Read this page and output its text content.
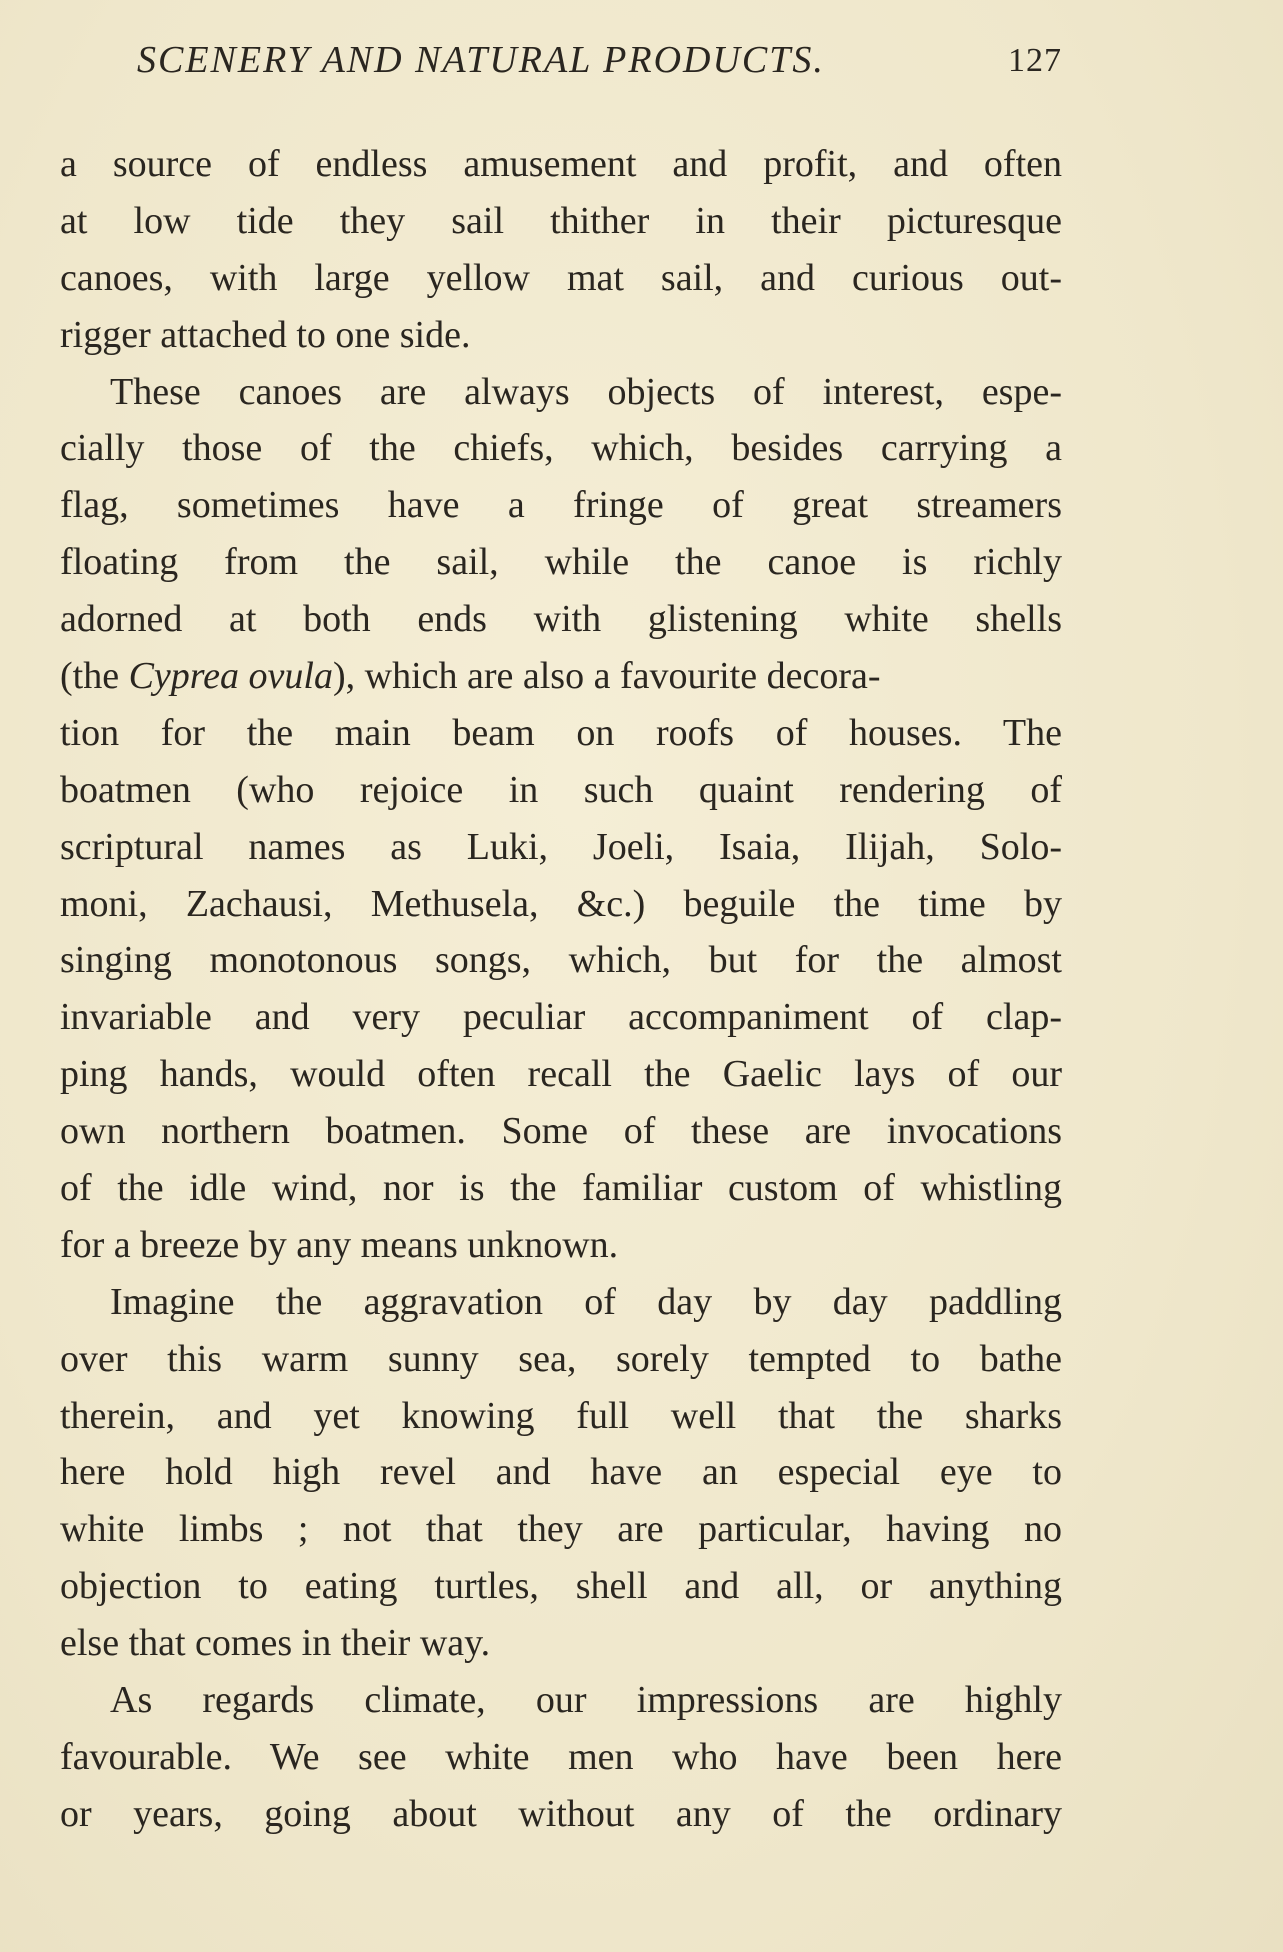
SCENERY AND NATURAL PRODUCTS.	127
a source of endless amusement and profit, and often
at low tide they sail thither in their picturesque
canoes, with large yellow mat sail, and curious out-
rigger attached to one side.
These canoes are always objects of interest, espe-
cially those of the chiefs, which, besides carrying a
flag, sometimes have a fringe of great streamers
floating from the sail, while the canoe is richly
adorned at both ends with glistening white shells
(the Cyprea ovula), which are also a favourite decora-
tion for the main beam on roofs of houses. The
boatmen (who rejoice in such quaint rendering of
scriptural names as Luki, Joeli, Isaia, Ilijah, Solo-
moni, Zachausi, Methusela, &c.) beguile the time by
singing monotonous songs, which, but for the almost
invariable and very peculiar accompaniment of clap-
ping hands, would often recall the Gaelic lays of our
own northern boatmen. Some of these are invocations
of the idle wind, nor is the familiar custom of whistling
for a breeze by any means unknown.
Imagine the aggravation of day by day paddling
over this warm sunny sea, sorely tempted to bathe
therein, and yet knowing full well that the sharks
here hold high revel and have an especial eye to
white limbs ; not that they are particular, having no
objection to eating turtles, shell and all, or anything
else that comes in their way.
As regards climate, our impressions are highly
favourable. We see white men who have been here
or years, going about without any of the ordinary
